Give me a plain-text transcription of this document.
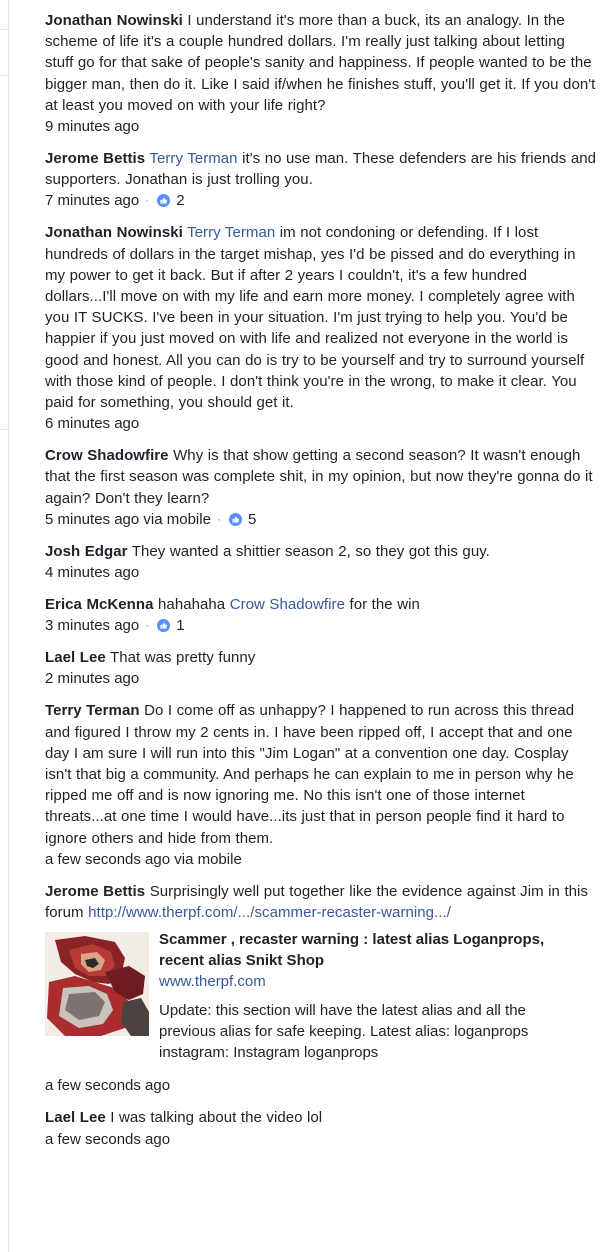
Jonathan Nowinski I understand it's more than a buck, its an analogy. In the scheme of life it's a couple hundred dollars. I'm really just talking about letting stuff go for that sake of people's sanity and happiness. If people wanted to be the bigger man, then do it. Like I said if/when he finishes stuff, you'll get it. If you don't at least you moved on with your life right?
9 minutes ago
Jerome Bettis Terry Terman it's no use man. These defenders are his friends and supporters. Jonathan is just trolling you.
7 minutes ago · 2
Jonathan Nowinski Terry Terman im not condoning or defending. If I lost hundreds of dollars in the target mishap, yes I'd be pissed and do everything in my power to get it back. But if after 2 years I couldn't, it's a few hundred dollars...I'll move on with my life and earn more money. I completely agree with you IT SUCKS. I've been in your situation. I'm just trying to help you. You'd be happier if you just moved on with life and realized not everyone in the world is good and honest. All you can do is try to be yourself and try to surround yourself with those kind of people. I don't think you're in the wrong, to make it clear. You paid for something, you should get it.
6 minutes ago
Crow Shadowfire Why is that show getting a second season? It wasn't enough that the first season was complete shit, in my opinion, but now they're gonna do it again? Don't they learn?
5 minutes ago via mobile · 5
Josh Edgar They wanted a shittier season 2, so they got this guy.
4 minutes ago
Erica McKenna hahahaha Crow Shadowfire for the win
3 minutes ago · 1
Lael Lee That was pretty funny
2 minutes ago
Terry Terman Do I come off as unhappy? I happened to run across this thread and figured I throw my 2 cents in. I have been ripped off, I accept that and one day I am sure I will run into this "Jim Logan" at a convention one day. Cosplay isn't that big a community. And perhaps he can explain to me in person why he ripped me off and is now ignoring me. No this isn't one of those internet threats...at one time I would have...its just that in person people find it hard to ignore others and hide from them.
a few seconds ago via mobile
Jerome Bettis Surprisingly well put together like the evidence against Jim in this forum http://www.therpf.com/.../scammer-recaster-warning.../
Scammer , recaster warning : latest alias Loganprops, recent alias Snikt Shop
www.therpf.com
Update: this section will have the latest alias and all the previous alias for safe keeping. Latest alias: loganprops instagram: Instagram loganprops
a few seconds ago
Lael Lee I was talking about the video lol
a few seconds ago
